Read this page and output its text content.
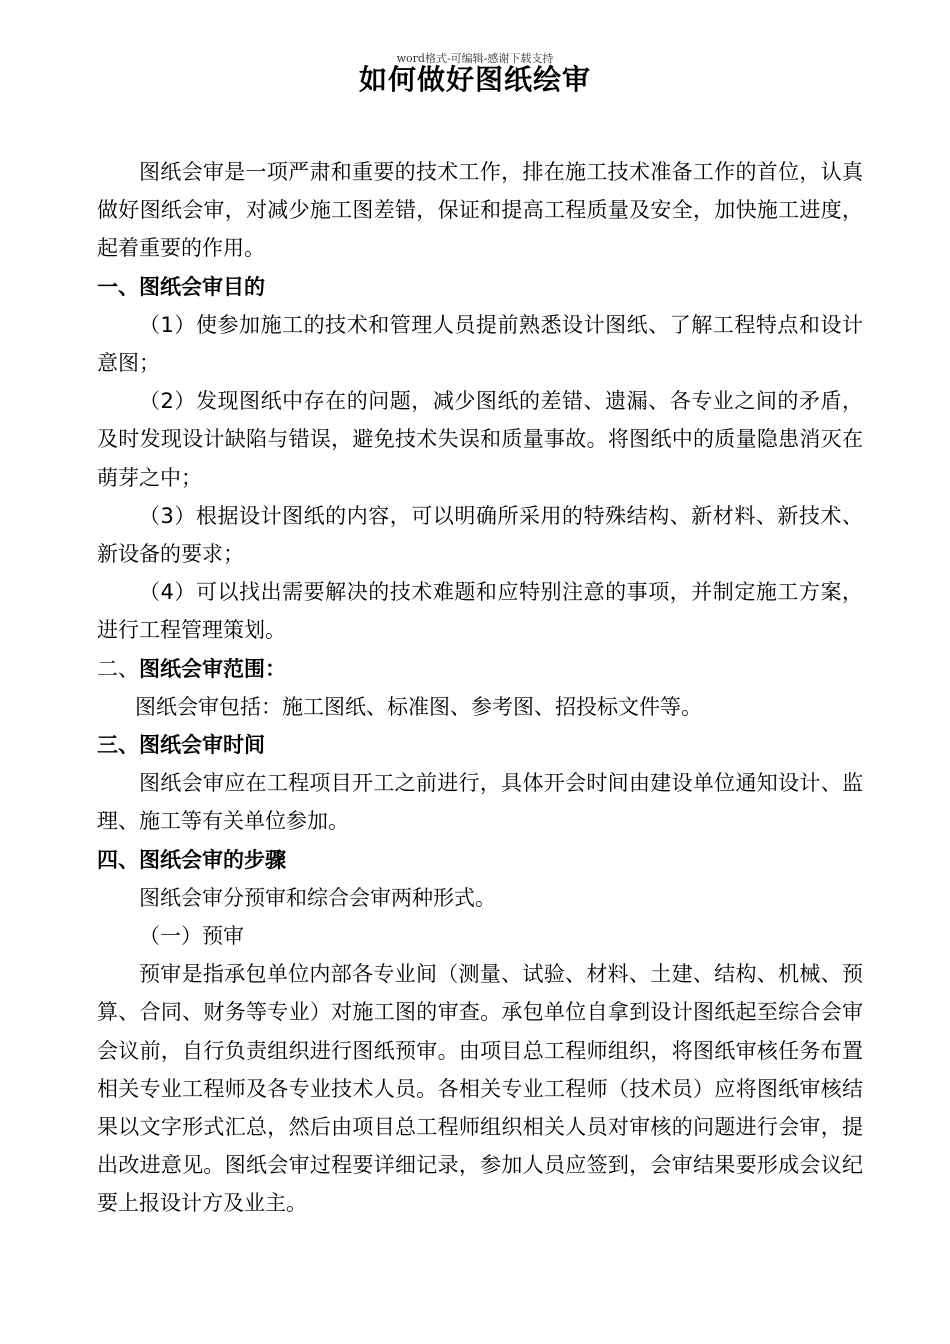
word格式-可编辑-感谢下载支持
如何做好图纸绘审

图纸会审是一项严肃和重要的技术工作，排在施工技术准备工作的首位，认真做好图纸会审，对减少施工图差错，保证和提高工程质量及安全，加快施工进度，起着重要的作用。

一、图纸会审目的

（1）使参加施工的技术和管理人员提前熟悉设计图纸、了解工程特点和设计意图；

（2）发现图纸中存在的问题，减少图纸的差错、遗漏、各专业之间的矛盾，及时发现设计缺陷与错误，避免技术失误和质量事故。将图纸中的质量隐患消灭在萌芽之中；

（3）根据设计图纸的内容，可以明确所采用的特殊结构、新材料、新技术、新设备的要求；

（4）可以找出需要解决的技术难题和应特别注意的事项，并制定施工方案，进行工程管理策划。

二、图纸会审范围：

图纸会审包括：施工图纸、标准图、参考图、招投标文件等。

三、图纸会审时间

图纸会审应在工程项目开工之前进行，具体开会时间由建设单位通知设计、监理、施工等有关单位参加。

四、图纸会审的步骤

图纸会审分预审和综合会审两种形式。

（一）预审

预审是指承包单位内部各专业间（测量、试验、材料、土建、结构、机械、预算、合同、财务等专业）对施工图的审查。承包单位自拿到设计图纸起至综合会审会议前，自行负责组织进行图纸预审。由项目总工程师组织，将图纸审核任务布置相关专业工程师及各专业技术人员。各相关专业工程师（技术员）应将图纸审核结果以文字形式汇总，然后由项目总工程师组织相关人员对审核的问题进行会审，提出改进意见。图纸会审过程要详细记录，参加人员应签到，会审结果要形成会议纪要上报设计方及业主。
